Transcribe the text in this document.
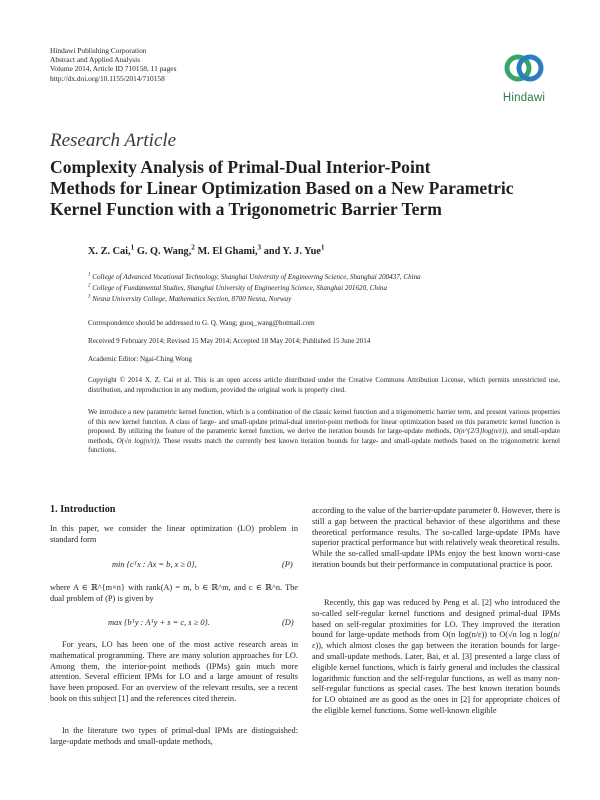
Hindawi Publishing Corporation
Abstract and Applied Analysis
Volume 2014, Article ID 710158, 11 pages
http://dx.doi.org/10.1155/2014/710158
Hindawi
Research Article
Complexity Analysis of Primal-Dual Interior-Point
Methods for Linear Optimization Based on a New Parametric
Kernel Function with a Trigonometric Barrier Term
X. Z. Cai,$^1$ G. Q. Wang,$^2$ M. El Ghami,$^3$ and Y. J. Yue$^1$
$^1$ College of Advanced Vocational Technology, Shanghai University of Engineering Science, Shanghai 200437, China
$^2$ College of Fundamental Studies, Shanghai University of Engineering Science, Shanghai 201620, China
$^3$ Nesna University College, Mathematics Section, 8700 Nesna, Norway
Correspondence should be addressed to G. Q. Wang; guoq_wang@hotmail.com
Received 9 February 2014; Revised 15 May 2014; Accepted 18 May 2014; Published 15 June 2014
Academic Editor: Ngai-Ching Wong
Copyright © 2014 X. Z. Cai et al. This is an open access article distributed under the Creative Commons Attribution License, which permits unrestricted use, distribution, and reproduction in any medium, provided the original work is properly cited.
We introduce a new parametric kernel function, which is a combination of the classic kernel function and a trigonometric barrier term, and present various properties of this new kernel function. A class of large- and small-update primal-dual interior-point methods for linear optimization based on this parametric kernel function is proposed. By utilizing the feature of the parametric kernel function, we derive the iteration bounds for large-update methods, O(n^{2/3}log(n/ε)), and small-update methods, O(√n log(n/ε)). These results match the currently best known iteration bounds for large- and small-update methods based on the trigonometric kernel functions.
1. Introduction
In this paper, we consider the linear optimization (LO) problem in standard form
min {cᵀx : Ax = b, x ≥ 0},	(P)
where A ∈ ℝ^{m×n} with rank(A) = m, b ∈ ℝ^m, and c ∈ ℝ^n. The dual problem of (P) is given by
max {bᵀy : Aᵀy + s = c, s ≥ 0}.	(D)
For years, LO has been one of the most active research areas in mathematical programming. There are many solution approaches for LO. Among them, the interior-point methods (IPMs) gain much more attention. Several efficient IPMs for LO and a large amount of results have been proposed. For an overview of the relevant results, see a recent book on this subject [1] and the references cited therein.
In the literature two types of primal-dual IPMs are distinguished: large-update methods and small-update methods,
according to the value of the barrier-update parameter θ. However, there is still a gap between the practical behavior of these algorithms and these theoretical performance results. The so-called large-update IPMs have superior practical performance but with relatively weak theoretical results. While the so-called small-update IPMs enjoy the best known worst-case iteration bounds but their performance in computational practice is poor.
Recently, this gap was reduced by Peng et al. [2] who introduced the so-called self-regular kernel functions and designed primal-dual IPMs based on self-regular proximities for LO. They improved the iteration bound for large-update methods from O(n log(n/ε)) to O(√n log n log(n/ε)), which almost closes the gap between the iteration bounds for large- and small-update methods. Later, Bai, et al. [3] presented a large class of eligible kernel functions, which is fairly general and includes the classical logarithmic function and the self-regular functions, as well as many non-self-regular functions as special cases. The best known iteration bounds for LO obtained are as good as the ones in [2] for appropriate choices of the eligible kernel functions. Some well-known eligible
